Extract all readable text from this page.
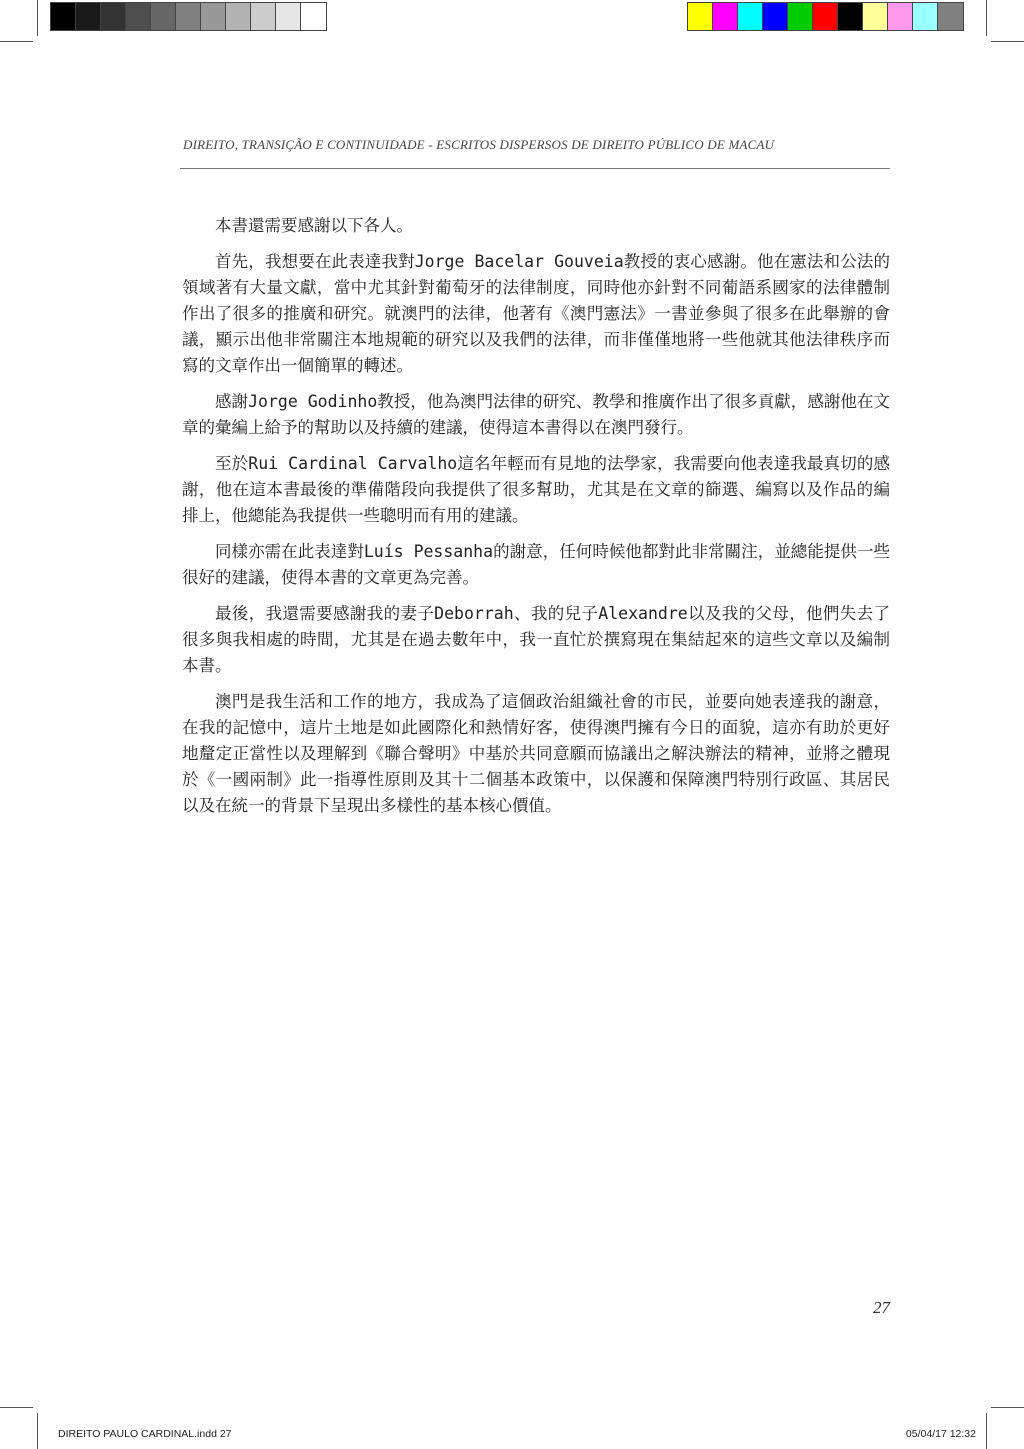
DIREITO, TRANSIÇÃO E CONTINUIDADE - ESCRITOS DISPERSOS DE DIREITO PÚBLICO DE MACAU

本書還需要感謝以下各人。

首先，我想要在此表達我對Jorge Bacelar Gouveia教授的衷心感謝。他在憲法和公法的領域著有大量文獻，當中尤其針對葡萄牙的法律制度，同時他亦針對不同葡語系國家的法律體制作出了很多的推廣和研究。就澳門的法律，他著有《澳門憲法》一書並參與了很多在此舉辦的會議，顯示出他非常關注本地規範的研究以及我們的法律，而非僅僅地將一些他就其他法律秩序而寫的文章作出一個簡單的轉述。

感謝Jorge Godinho教授，他為澳門法律的研究、教學和推廣作出了很多貢獻，感謝他在文章的彙編上給予的幫助以及持續的建議，使得這本書得以在澳門發行。

至於Rui Cardinal Carvalho這名年輕而有見地的法學家，我需要向他表達我最真切的感謝，他在這本書最後的準備階段向我提供了很多幫助，尤其是在文章的篩選、編寫以及作品的編排上，他總能為我提供一些聰明而有用的建議。

同樣亦需在此表達對Luís Pessanha的謝意，任何時候他都對此非常關注，並總能提供一些很好的建議，使得本書的文章更為完善。

最後，我還需要感謝我的妻子Deborrah、我的兒子Alexandre以及我的父母，他們失去了很多與我相處的時間，尤其是在過去數年中，我一直忙於撰寫現在集結起來的這些文章以及編制本書。

澳門是我生活和工作的地方，我成為了這個政治組織社會的市民，並要向她表達我的謝意，在我的記憶中，這片土地是如此國際化和熱情好客，使得澳門擁有今日的面貌，這亦有助於更好地釐定正當性以及理解到《聯合聲明》中基於共同意願而協議出之解決辦法的精神，並將之體現於《一國兩制》此一指導性原則及其十二個基本政策中，以保護和保障澳門特別行政區、其居民以及在統一的背景下呈現出多樣性的基本核心價值。

27
DIREITO PAULO CARDINAL.indd 27	05/04/17 12:32
